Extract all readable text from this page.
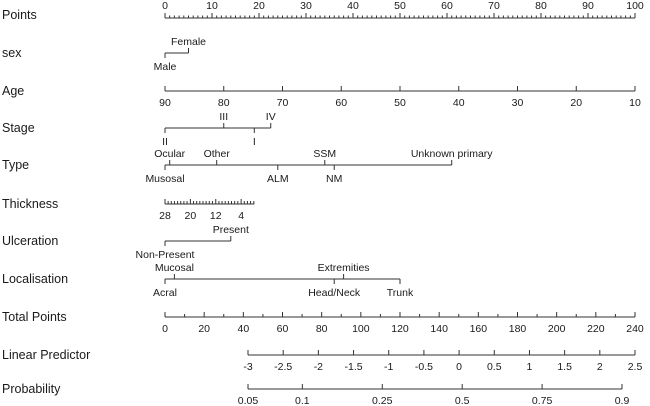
Points
0	10	20	30	40	50	60	70	80	90	100
sex
Female
Male
Age
90	80	70	60	50	40	30	20	10
Stage
III	IV
II	I
Type
Ocular Other	SSM	Unknown primary
Musosal	ALM	NM
Thickness
28 20 12 4
Ulceration
Present
Non-Present
Localisation
Mucosal	Extremities
Acral	Head/Neck	Trunk
Total Points
0	20	40	60	80 100 120 140 160 180 200 220 240
Linear Predictor
-3 -2.5 -2 -1.5 -1 -0.5 0 0.5 1 1.5 2 2.5
Probability
0.05	0.1	0.25	0.5	0.75	0.9
